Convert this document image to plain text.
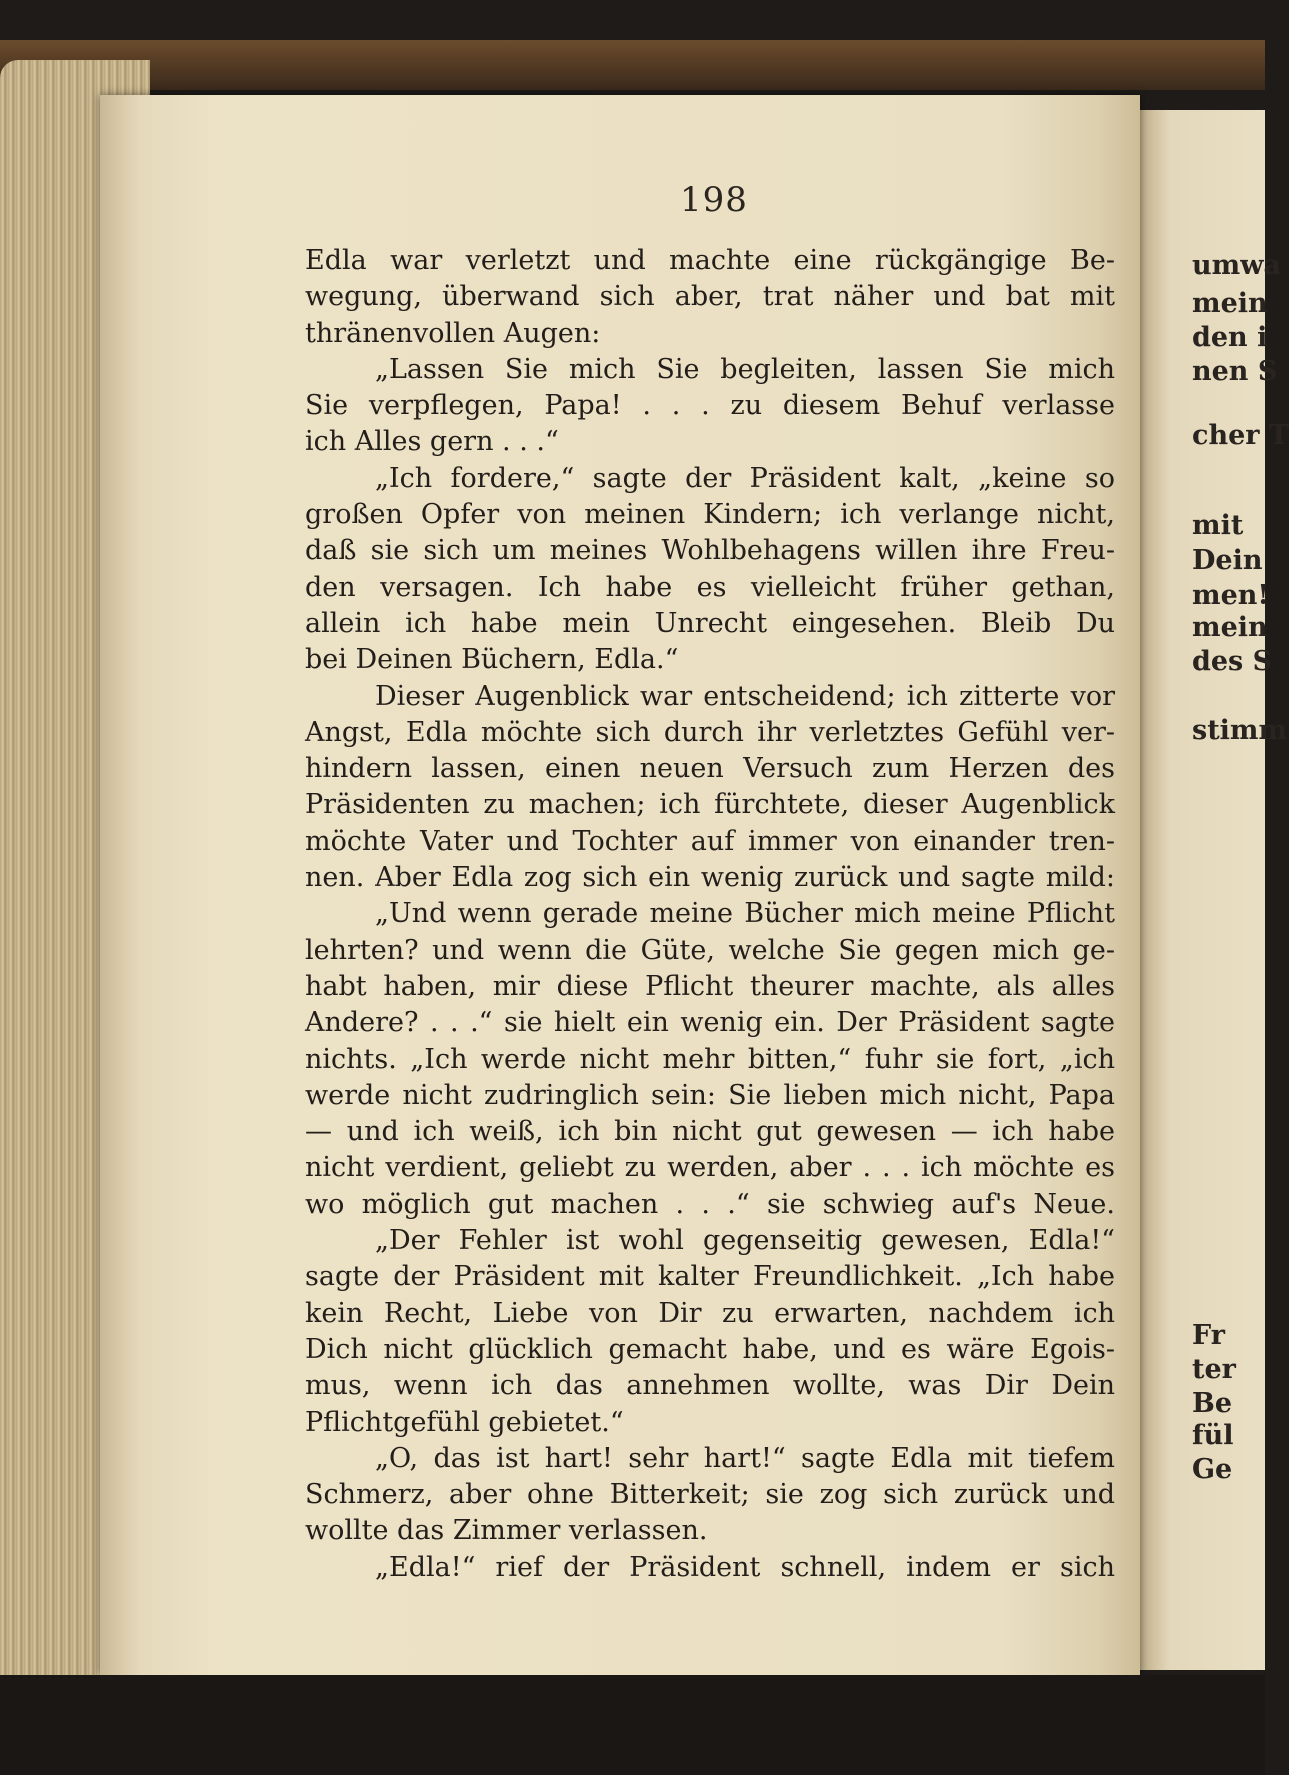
umwa
mein
den i
nen S
cher T
mit
Dein
men!
mein
des S
stimm
Fr
ter
Be
fül
Ge
198
Edla war verletzt und machte eine rückgängige Be-
wegung, überwand sich aber, trat näher und bat mit
thränenvollen Augen:
„Lassen Sie mich Sie begleiten, lassen Sie mich
Sie verpflegen, Papa! . . . zu diesem Behuf verlasse
ich Alles gern . . .“
„Ich fordere,“ sagte der Präsident kalt, „keine so
großen Opfer von meinen Kindern; ich verlange nicht,
daß sie sich um meines Wohlbehagens willen ihre Freu-
den versagen. Ich habe es vielleicht früher gethan,
allein ich habe mein Unrecht eingesehen. Bleib Du
bei Deinen Büchern, Edla.“
Dieser Augenblick war entscheidend; ich zitterte vor
Angst, Edla möchte sich durch ihr verletztes Gefühl ver-
hindern lassen, einen neuen Versuch zum Herzen des
Präsidenten zu machen; ich fürchtete, dieser Augenblick
möchte Vater und Tochter auf immer von einander tren-
nen. Aber Edla zog sich ein wenig zurück und sagte mild:
„Und wenn gerade meine Bücher mich meine Pflicht
lehrten? und wenn die Güte, welche Sie gegen mich ge-
habt haben, mir diese Pflicht theurer machte, als alles
Andere? . . .“ sie hielt ein wenig ein. Der Präsident sagte
nichts. „Ich werde nicht mehr bitten,“ fuhr sie fort, „ich
werde nicht zudringlich sein: Sie lieben mich nicht, Papa
— und ich weiß, ich bin nicht gut gewesen — ich habe
nicht verdient, geliebt zu werden, aber . . . ich möchte es
wo möglich gut machen . . .“ sie schwieg auf's Neue.
„Der Fehler ist wohl gegenseitig gewesen, Edla!“
sagte der Präsident mit kalter Freundlichkeit. „Ich habe
kein Recht, Liebe von Dir zu erwarten, nachdem ich
Dich nicht glücklich gemacht habe, und es wäre Egois-
mus, wenn ich das annehmen wollte, was Dir Dein
Pflichtgefühl gebietet.“
„O, das ist hart! sehr hart!“ sagte Edla mit tiefem
Schmerz, aber ohne Bitterkeit; sie zog sich zurück und
wollte das Zimmer verlassen.
„Edla!“ rief der Präsident schnell, indem er sich
